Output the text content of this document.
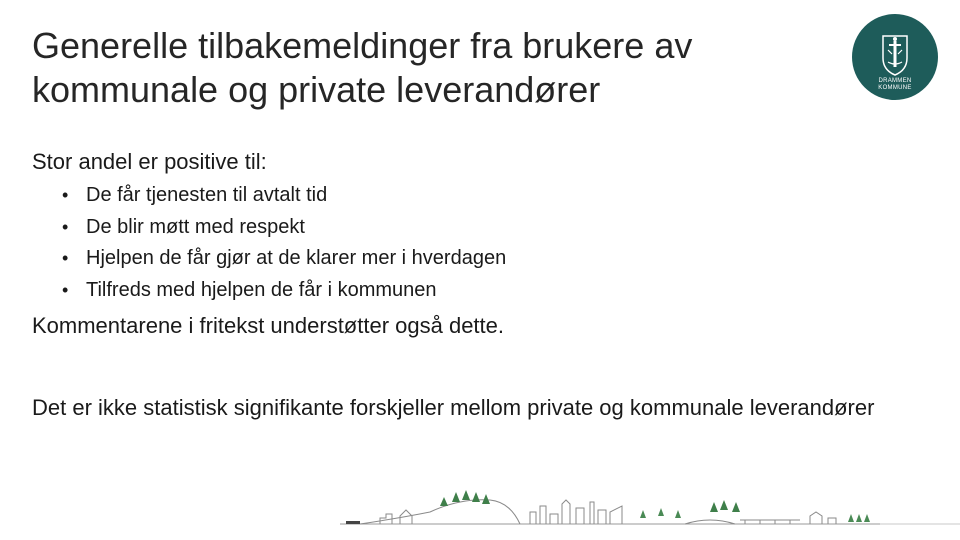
Generelle tilbakemeldinger fra brukere av kommunale og private leverandører	DRAMMEN
KOMMUNE
Stor andel er positive til:
• De får tjenesten til avtalt tid
• De blir møtt med respekt
• Hjelpen de får gjør at de klarer mer i hverdagen
• Tilfreds med hjelpen de får i kommunen
Kommentarene i fritekst understøtter også dette.
Det er ikke statistisk signifikante forskjeller mellom private og kommunale leverandører
